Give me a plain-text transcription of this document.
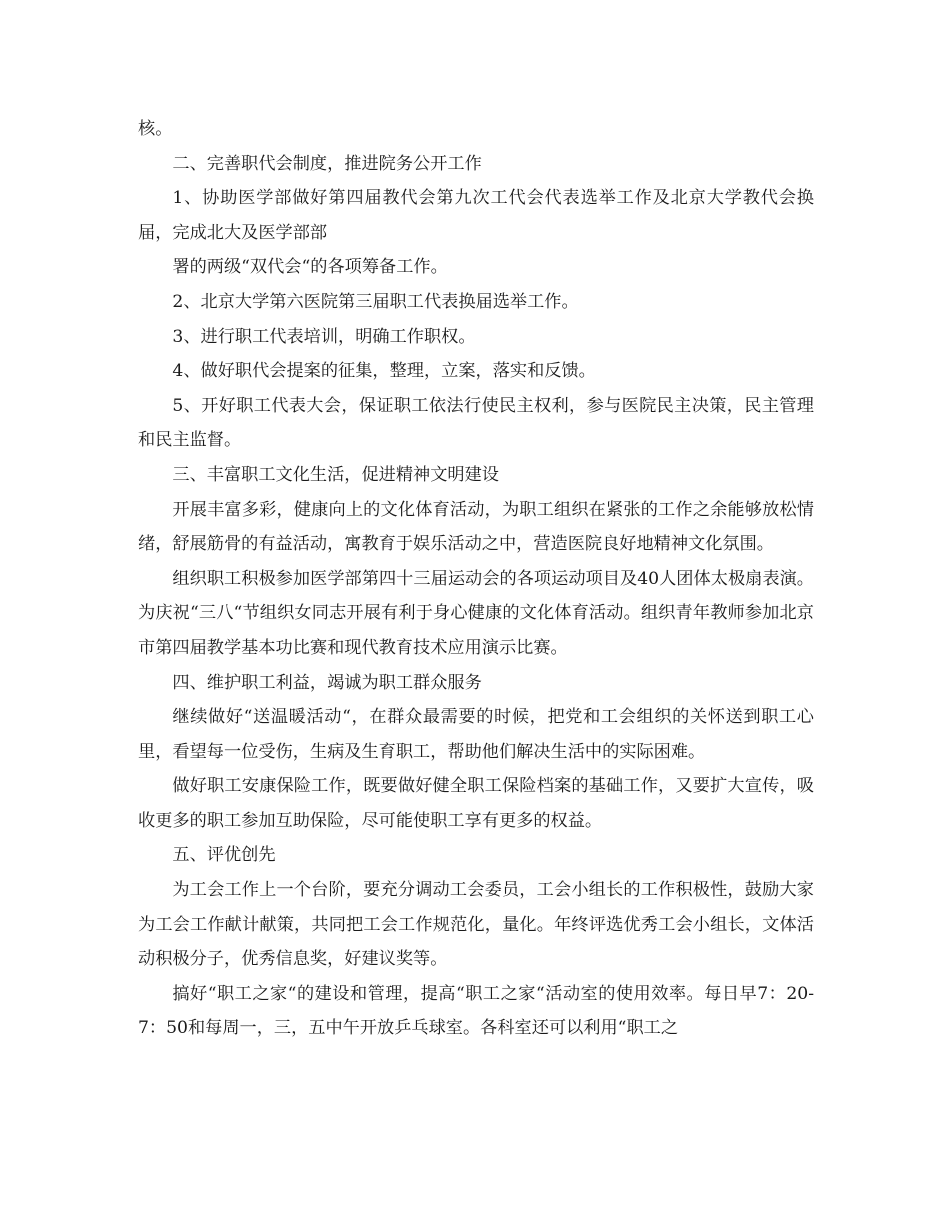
核。

二、完善职代会制度，推进院务公开工作

1、协助医学部做好第四届教代会第九次工代会代表选举工作及北京大学教代会换届，完成北大及医学部部

署的两级“双代会“的各项筹备工作。

2、北京大学第六医院第三届职工代表换届选举工作。

3、进行职工代表培训，明确工作职权。

4、做好职代会提案的征集，整理，立案，落实和反馈。

5、开好职工代表大会，保证职工依法行使民主权利，参与医院民主决策，民主管理和民主监督。

三、丰富职工文化生活，促进精神文明建设

开展丰富多彩，健康向上的文化体育活动，为职工组织在紧张的工作之余能够放松情绪，舒展筋骨的有益活动，寓教育于娱乐活动之中，营造医院良好地精神文化氛围。

组织职工积极参加医学部第四十三届运动会的各项运动项目及40人团体太极扇表演。为庆祝“三八“节组织女同志开展有利于身心健康的文化体育活动。组织青年教师参加北京市第四届教学基本功比赛和现代教育技术应用演示比赛。

四、维护职工利益，竭诚为职工群众服务

继续做好“送温暖活动“，在群众最需要的时候，把党和工会组织的关怀送到职工心里，看望每一位受伤，生病及生育职工，帮助他们解决生活中的实际困难。

做好职工安康保险工作，既要做好健全职工保险档案的基础工作，又要扩大宣传，吸收更多的职工参加互助保险，尽可能使职工享有更多的权益。

五、评优创先

为工会工作上一个台阶，要充分调动工会委员，工会小组长的工作积极性，鼓励大家为工会工作献计献策，共同把工会工作规范化，量化。年终评选优秀工会小组长，文体活动积极分子，优秀信息奖，好建议奖等。

搞好“职工之家“的建设和管理，提高“职工之家“活动室的使用效率。每日早7：20-7：50和每周一，三，五中午开放乒乓球室。各科室还可以利用“职工之
